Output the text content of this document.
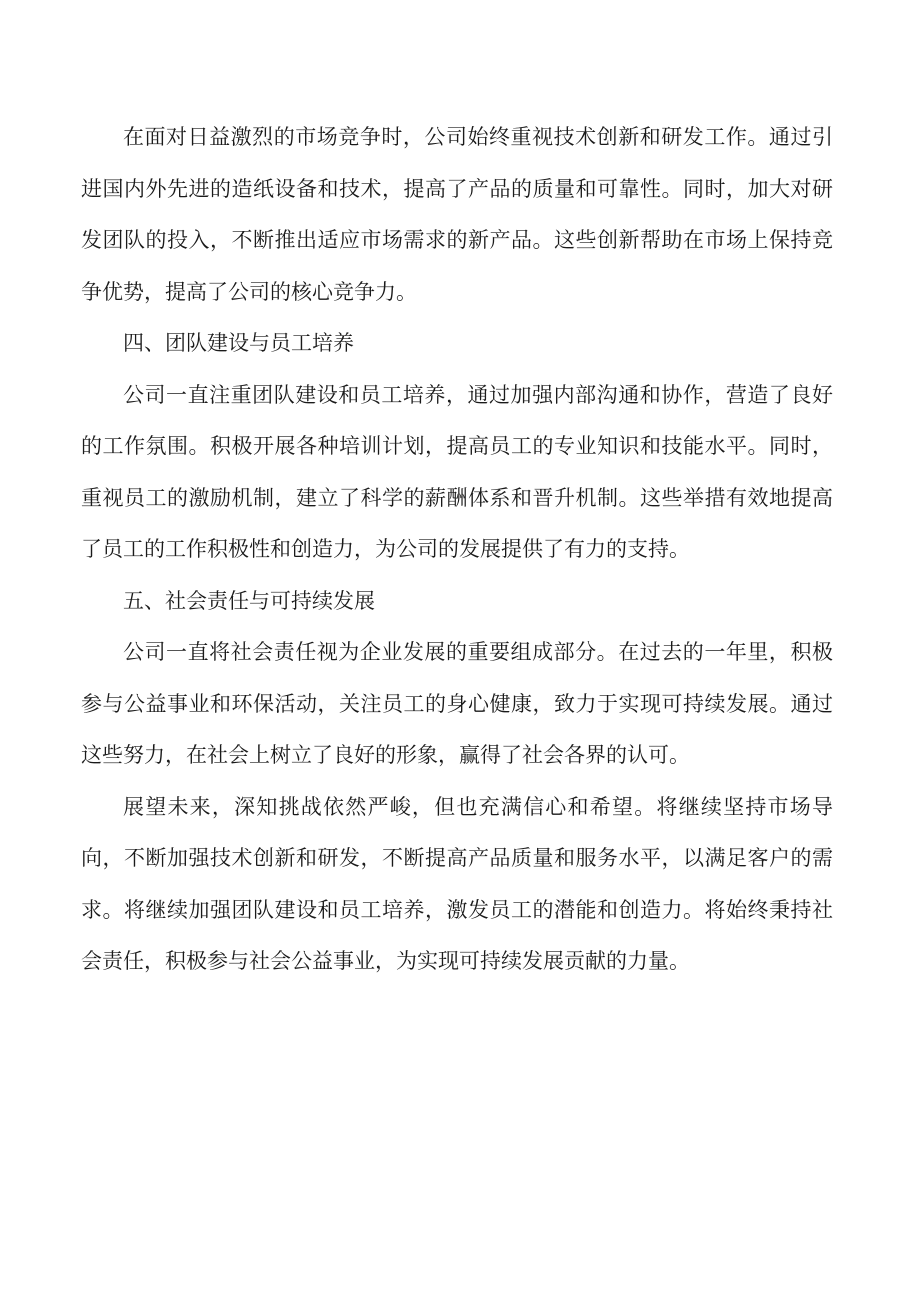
在面对日益激烈的市场竞争时，公司始终重视技术创新和研发工作。通过引进国内外先进的造纸设备和技术，提高了产品的质量和可靠性。同时，加大对研发团队的投入，不断推出适应市场需求的新产品。这些创新帮助在市场上保持竞争优势，提高了公司的核心竞争力。

四、团队建设与员工培养

公司一直注重团队建设和员工培养，通过加强内部沟通和协作，营造了良好的工作氛围。积极开展各种培训计划，提高员工的专业知识和技能水平。同时，重视员工的激励机制，建立了科学的薪酬体系和晋升机制。这些举措有效地提高了员工的工作积极性和创造力，为公司的发展提供了有力的支持。

五、社会责任与可持续发展

公司一直将社会责任视为企业发展的重要组成部分。在过去的一年里，积极参与公益事业和环保活动，关注员工的身心健康，致力于实现可持续发展。通过这些努力，在社会上树立了良好的形象，赢得了社会各界的认可。

展望未来，深知挑战依然严峻，但也充满信心和希望。将继续坚持市场导向，不断加强技术创新和研发，不断提高产品质量和服务水平，以满足客户的需求。将继续加强团队建设和员工培养，激发员工的潜能和创造力。将始终秉持社会责任，积极参与社会公益事业，为实现可持续发展贡献的力量。
